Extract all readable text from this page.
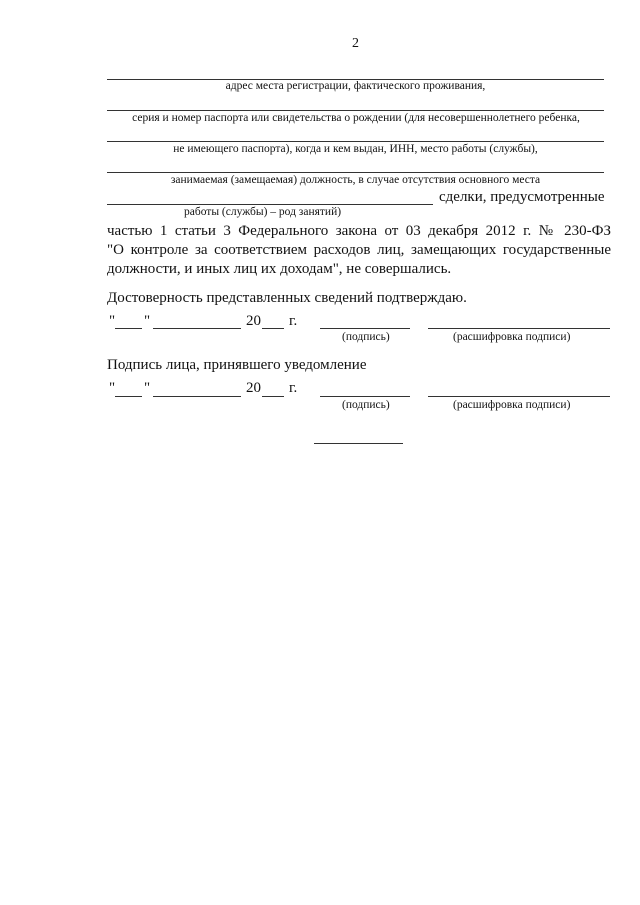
2
адрес места регистрации, фактического проживания,
серия и номер паспорта или свидетельства о рождении (для несовершеннолетнего ребенка,
не имеющего паспорта), когда и кем выдан, ИНН, место работы (службы),
занимаемая (замещаемая) должность, в случае отсутствия основного места
сделки, предусмотренные
работы (службы) – род занятий)
частью 1 статьи 3 Федерального закона от 03 декабря 2012 г. № 230-ФЗ
"О контроле за соответствием расходов лиц, замещающих государственные
должности, и иных лиц их доходам", не совершались.
Достоверность представленных сведений подтверждаю.
" "	20 г.
(подпись)	(расшифровка подписи)
Подпись лица, принявшего уведомление
" "	20 г.
(подпись)	(расшифровка подписи)
